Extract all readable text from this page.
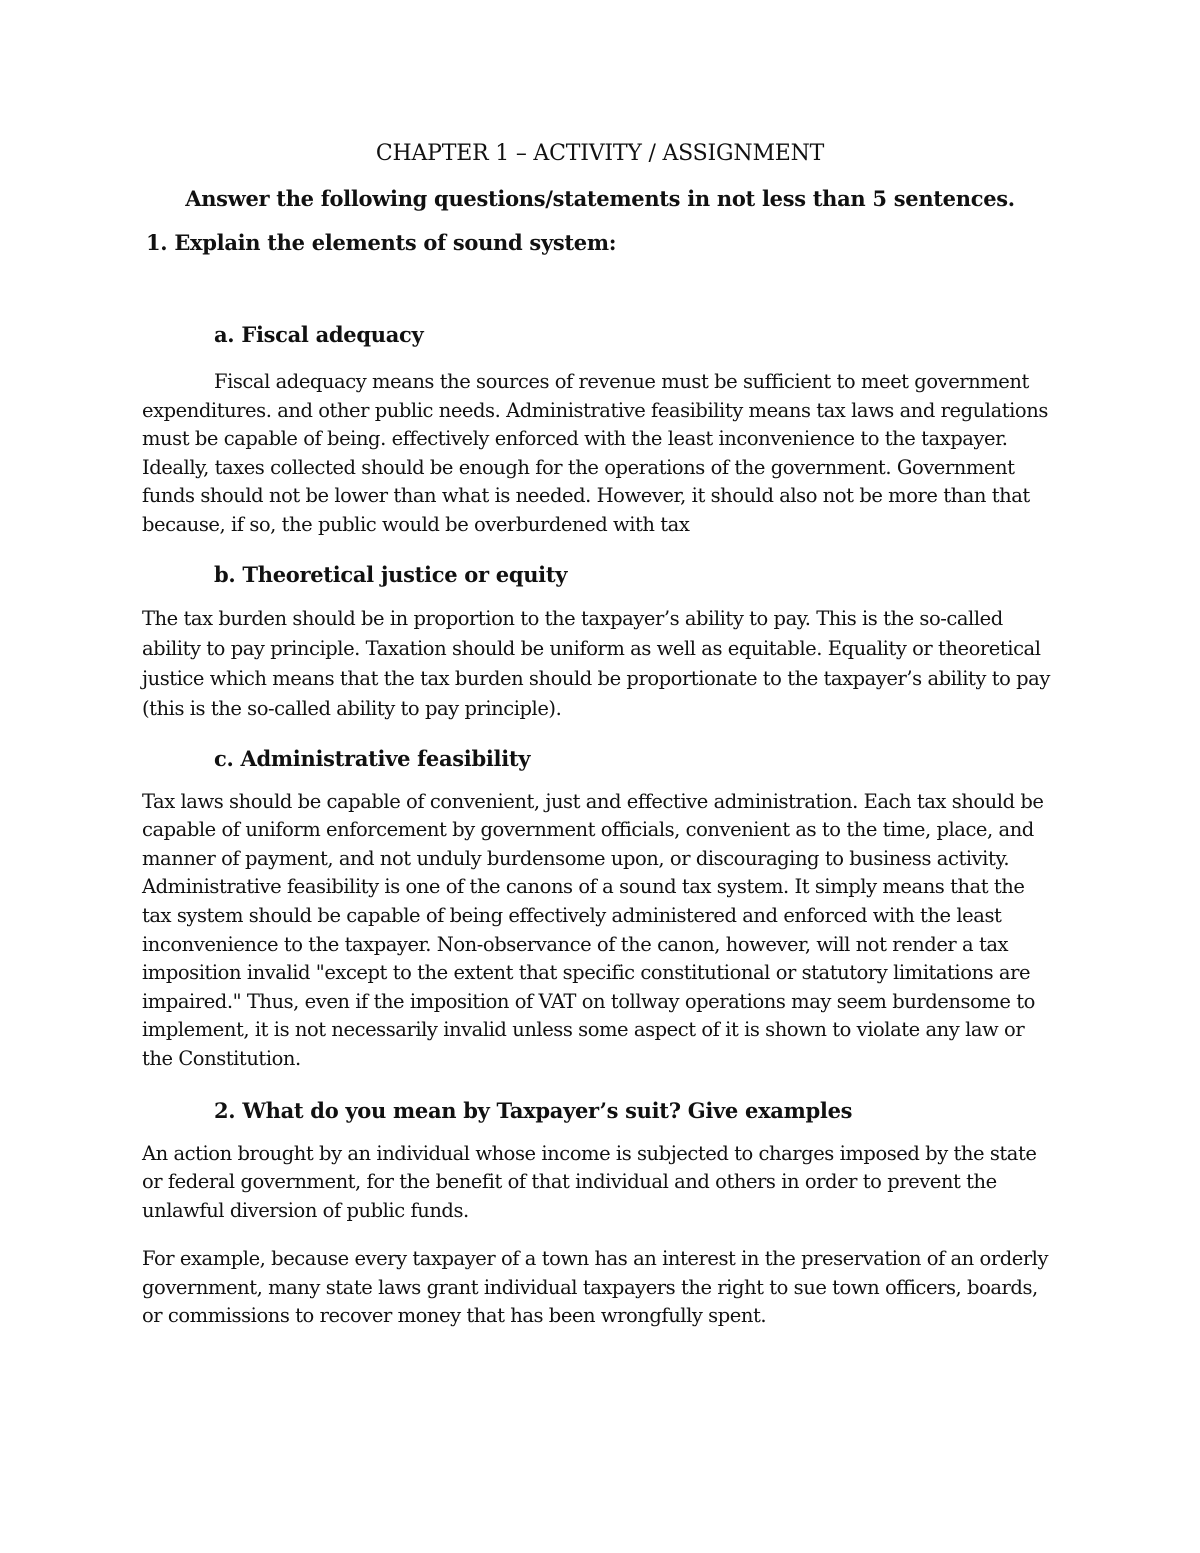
CHAPTER 1 – ACTIVITY / ASSIGNMENT

Answer the following questions/statements in not less than 5 sentences.

1. Explain the elements of sound system:

a. Fiscal adequacy

Fiscal adequacy means the sources of revenue must be sufficient to meet government expenditures. and other public needs. Administrative feasibility means tax laws and regulations must be capable of being. effectively enforced with the least inconvenience to the taxpayer. Ideally, taxes collected should be enough for the operations of the government. Government funds should not be lower than what is needed. However, it should also not be more than that because, if so, the public would be overburdened with tax

b. Theoretical justice or equity

The tax burden should be in proportion to the taxpayer’s ability to pay. This is the so-called ability to pay principle. Taxation should be uniform as well as equitable. Equality or theoretical justice which means that the tax burden should be proportionate to the taxpayer’s ability to pay (this is the so-called ability to pay principle).

c. Administrative feasibility

Tax laws should be capable of convenient, just and effective administration. Each tax should be capable of uniform enforcement by government officials, convenient as to the time, place, and manner of payment, and not unduly burdensome upon, or discouraging to business activity. Administrative feasibility is one of the canons of a sound tax system. It simply means that the tax system should be capable of being effectively administered and enforced with the least inconvenience to the taxpayer. Non-observance of the canon, however, will not render a tax imposition invalid "except to the extent that specific constitutional or statutory limitations are impaired." Thus, even if the imposition of VAT on tollway operations may seem burdensome to implement, it is not necessarily invalid unless some aspect of it is shown to violate any law or the Constitution.

2. What do you mean by Taxpayer’s suit? Give examples

An action brought by an individual whose income is subjected to charges imposed by the state or federal government, for the benefit of that individual and others in order to prevent the unlawful diversion of public funds.

For example, because every taxpayer of a town has an interest in the preservation of an orderly government, many state laws grant individual taxpayers the right to sue town officers, boards, or commissions to recover money that has been wrongfully spent.
